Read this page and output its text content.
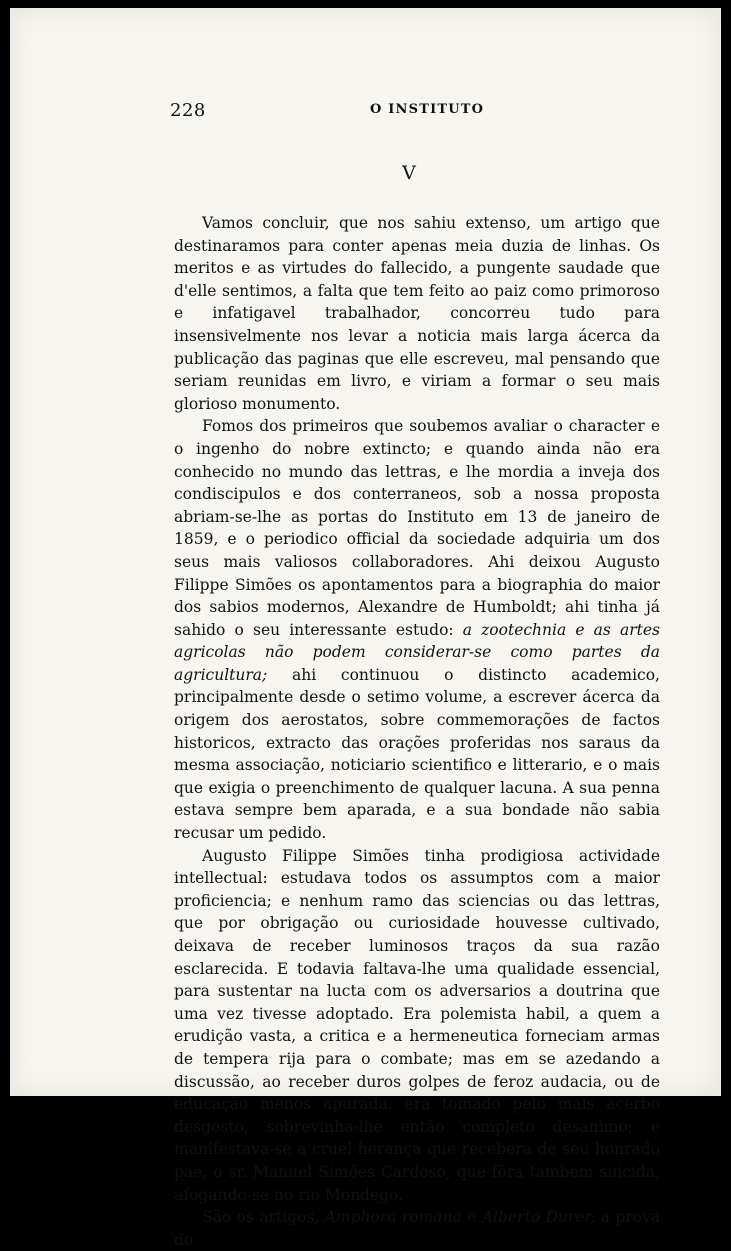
228	O INSTITUTO
V

Vamos concluir, que nos sahiu extenso, um artigo que destinaramos para conter apenas meia duzia de linhas. Os meritos e as virtudes do fallecido, a pungente saudade que d'elle sentimos, a falta que tem feito ao paiz como primoroso e infatigavel trabalhador, concorreu tudo para insensivelmente nos levar a noticia mais larga ácerca da publicação das paginas que elle escreveu, mal pensando que seriam reunidas em livro, e viriam a formar o seu mais glorioso monumento.

Fomos dos primeiros que soubemos avaliar o character e o ingenho do nobre extincto; e quando ainda não era conhecido no mundo das lettras, e lhe mordia a inveja dos condiscipulos e dos conterraneos, sob a nossa proposta abriam-se-lhe as portas do Instituto em 13 de janeiro de 1859, e o periodico official da sociedade adquiria um dos seus mais valiosos collaboradores. Ahi deixou Augusto Filippe Simões os apontamentos para a biographia do maior dos sabios modernos, Alexandre de Humboldt; ahi tinha já sahido o seu interessante estudo: a zootechnia e as artes agricolas não podem considerar-se como partes da agricultura; ahi continuou o distincto academico, principalmente desde o setimo volume, a escrever ácerca da origem dos aerostatos, sobre commemorações de factos historicos, extracto das orações proferidas nos saraus da mesma associação, noticiario scientifico e litterario, e o mais que exigia o preenchimento de qualquer lacuna. A sua penna estava sempre bem aparada, e a sua bondade não sabia recusar um pedido.

Augusto Filippe Simões tinha prodigiosa actividade intellectual: estudava todos os assumptos com a maior proficiencia; e nenhum ramo das sciencias ou das lettras, que por obrigação ou curiosidade houvesse cultivado, deixava de receber luminosos traços da sua razão esclarecida. E todavia faltava-lhe uma qualidade essencial, para sustentar na lucta com os adversarios a doutrina que uma vez tivesse adoptado. Era polemista habil, a quem a erudição vasta, a critica e a hermeneutica forneciam armas de tempera rija para o combate; mas em se azedando a discussão, ao receber duros golpes de feroz audacia, ou de educação menos apurada, era tomado pelo mais acerbo desgosto, sobrevinha-lhe então completo desanimo; e manifestava-se a cruel herança que recebera de seu honrado pae, o sr. Manuel Simões Cardoso, que fôra tambem suicida, afogando-se no rio Mondego.

São os artigos, Amphora romana e Alberto Durer, a prova do
